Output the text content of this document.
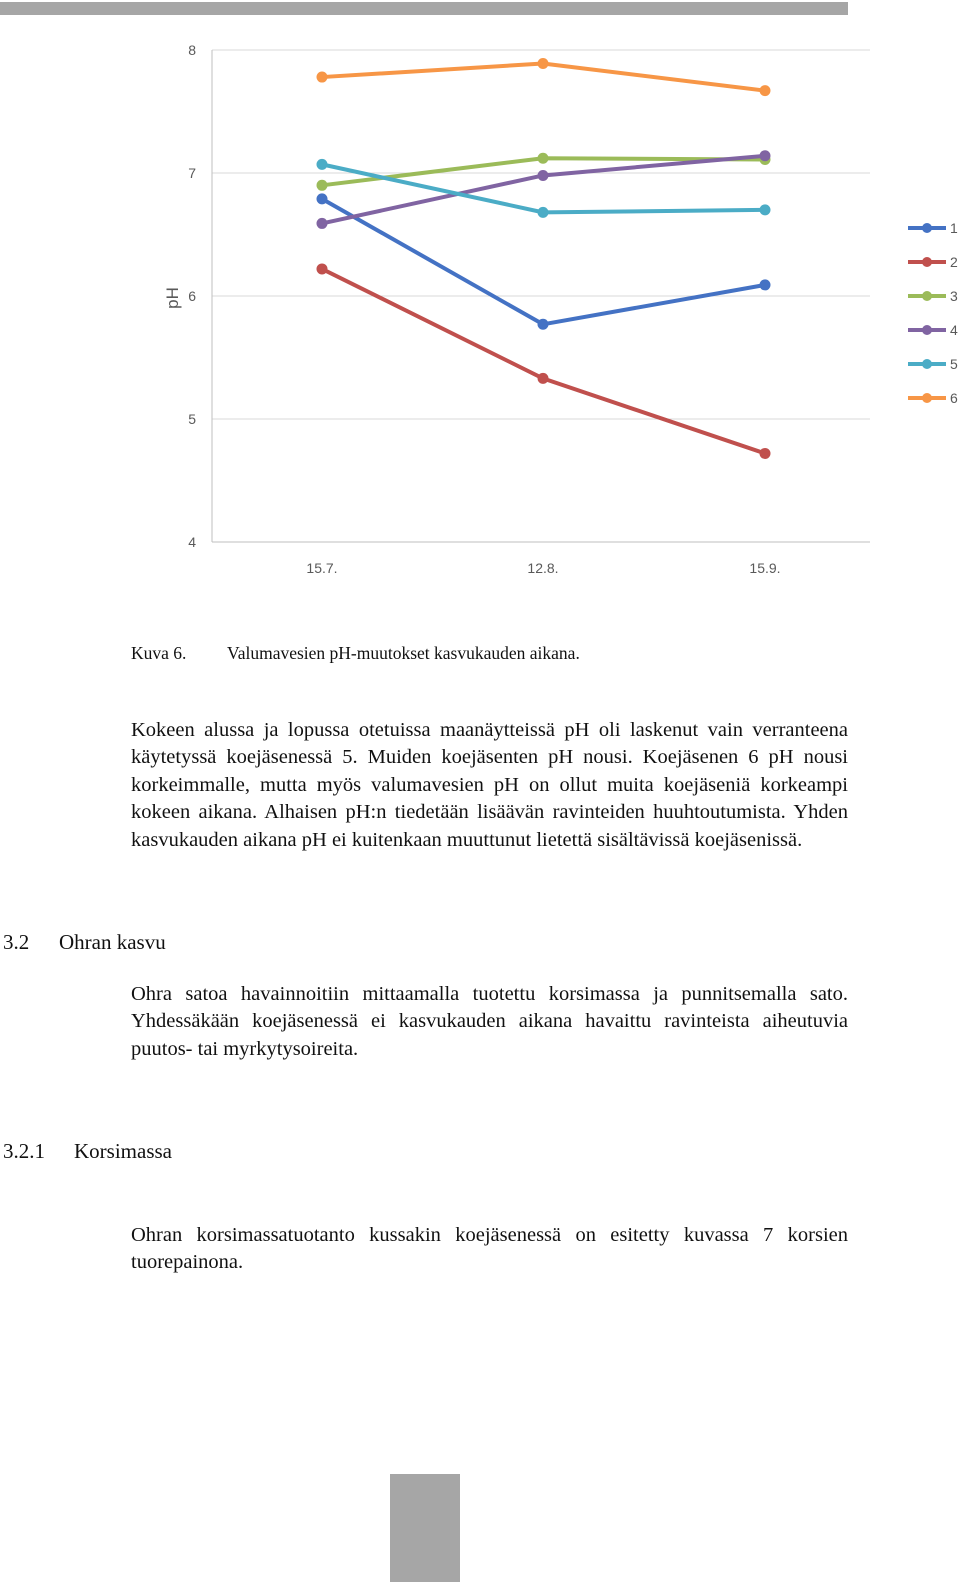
4
5
6
7
8
pH
15.7.	12.8.	15.9.
1
2
3
4
5
6
Kuva 6. Valumavesien pH-muutokset kasvukauden aikana.

Kokeen alussa ja lopussa otetuissa maanäytteissä pH oli laskenut vain verranteena käytetyssä koejäsenessä 5. Muiden koejäsenten pH nousi. Koejäsenen 6 pH nousi korkeimmalle, mutta myös valumavesien pH on ollut muita koejäseniä korkeampi kokeen aikana. Alhaisen pH:n tiedetään lisäävän ravinteiden huuhtoutumista. Yhden kasvukauden aikana pH ei kuitenkaan muuttunut lietettä sisältävissä koejäsenissä.

3.2 Ohran kasvu

Ohra satoa havainnoitiin mittaamalla tuotettu korsimassa ja punnitsemalla sato. Yhdessäkään koejäsenessä ei kasvukauden aikana havaittu ravinteista aiheutuvia puutos- tai myrkytysoireita.

3.2.1 Korsimassa

Ohran korsimassatuotanto kussakin koejäsenessä on esitetty kuvassa 7 korsien tuorepainona.
